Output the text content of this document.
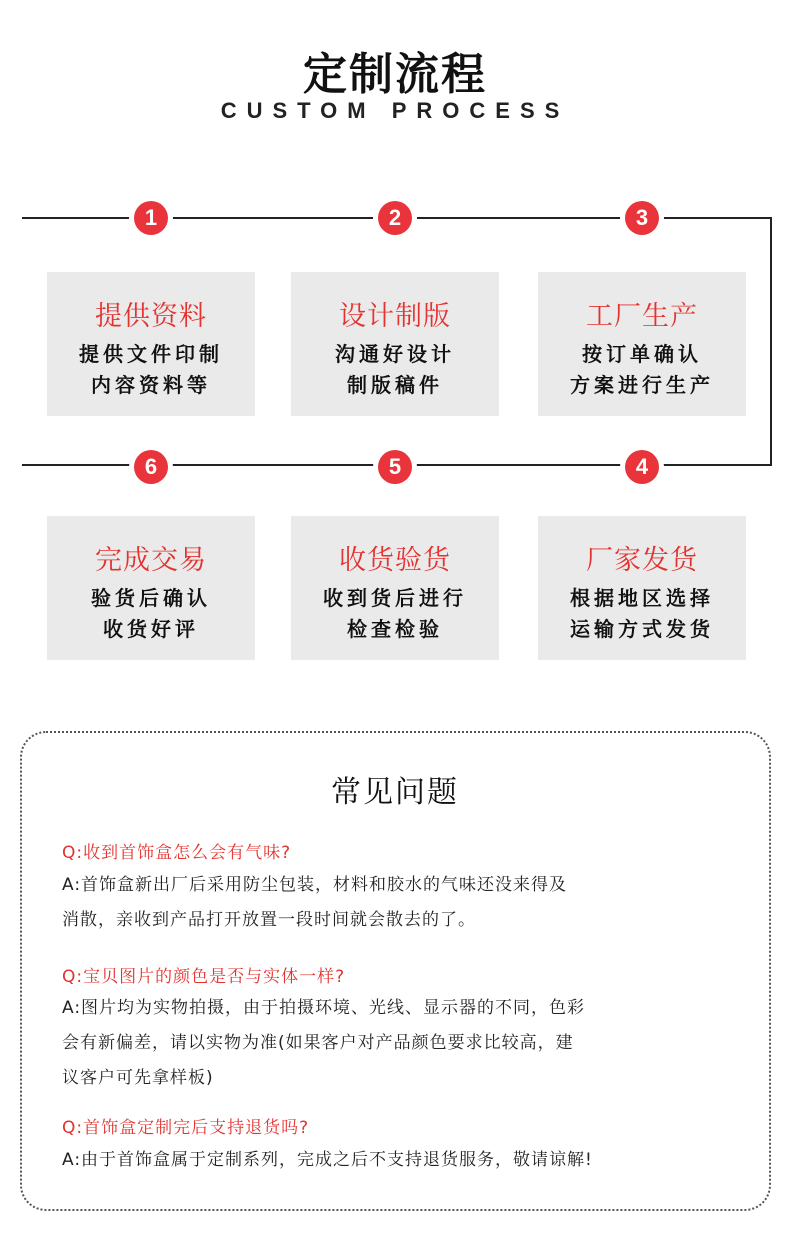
定制流程
CUSTOM PROCESS
1	2	3
4
5
6
提供资料
提供文件印制
内容资料等
设计制版
沟通好设计
制版稿件
工厂生产
按订单确认
方案进行生产
完成交易
验货后确认
收货好评
收货验货
收到货后进行
检查检验
厂家发货
根据地区选择
运输方式发货
常见问题
Q:收到首饰盒怎么会有气味?
A:首饰盒新出厂后采用防尘包装，材料和胶水的气味还没来得及
消散，亲收到产品打开放置一段时间就会散去的了。
Q:宝贝图片的颜色是否与实体一样?
A:图片均为实物拍摄，由于拍摄环境、光线、显示器的不同，色彩
会有新偏差，请以实物为准(如果客户对产品颜色要求比较高，建
议客户可先拿样板)
Q:首饰盒定制完后支持退货吗?
A:由于首饰盒属于定制系列，完成之后不支持退货服务，敬请谅解!
